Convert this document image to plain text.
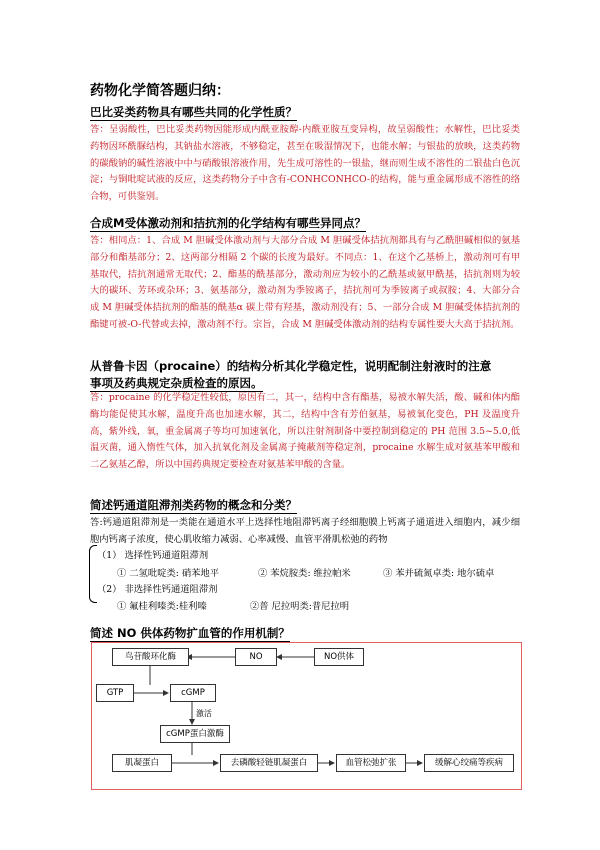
药物化学简答题归纳：
巴比妥类药物具有哪些共同的化学性质？
答：呈弱酸性，巴比妥类药物因能形成内酰亚胺醇-内酰亚胺互变异构，故呈弱酸性；水解性，巴比妥类药物因环酰脲结构，其钠盐水溶液，不够稳定，甚至在吸湿情况下，也能水解；与银盐的放映，这类药物的碳酸钠的碱性溶液中中与硝酸银溶液作用，先生成可溶性的一银盐，继而则生成不溶性的二银盐白色沉淀；与铜吡啶试液的反应，这类药物分子中含有-CONHCONHCO-的结构，能与重金属形成不溶性的络合物，可供鉴别。
合成M受体激动剂和拮抗剂的化学结构有哪些异同点？
答：相同点：1、合成 M 胆碱受体激动剂与大部分合成 M 胆碱受体拮抗剂都具有与乙酰胆碱相似的氨基部分和酯基部分；2、这两部分相隔 2 个碳的长度为最好。不同点：1、在这个乙基桥上，激动剂可有甲基取代，拮抗剂通常无取代；2、酯基的酰基部分，激动剂应为较小的乙酰基或氨甲酰基，拮抗剂则为较大的碳环、芳环或杂环；3、氨基部分，激动剂为季铵离子，拮抗剂可为季铵离子或叔胺；4、大部分合成 M 胆碱受体拮抗剂的酯基的酰基α 碳上带有羟基，激动剂没有；5、一部分合成 M 胆碱受体拮抗剂的酯键可被-O-代替或去掉，激动剂不行。宗旨，合成 M 胆碱受体激动剂的结构专属性要大大高于拮抗剂。
从普鲁卡因（procaine）的结构分析其化学稳定性，说明配制注射液时的注意
事项及药典规定杂质检查的原因。
答：procaine 的化学稳定性较低，原因有二，其一，结构中含有酯基，易被水解失活，酸、碱和体内酯酶均能促使其水解，温度升高也加速水解，其二，结构中含有芳伯氨基，易被氧化变色，PH 及温度升高，紫外线，氧，重金属离子等均可加速氧化，所以注射剂制备中要控制到稳定的 PH 范围 3.5~5.0,低温灭菌，通入惰性气体，加入抗氧化剂及金属离子掩蔽剂等稳定剂，procaine 水解生成对氨基苯甲酸和二乙氨基乙醇，所以中国药典规定要检查对氨基苯甲酸的含量。
简述钙通道阻滞剂类药物的概念和分类？
答:钙通道阻滞剂是一类能在通道水平上选择性地阻滞钙离子经细胞膜上钙离子通道进入细胞内，减少细胞内钙离子浓度，使心肌收缩力减弱、心率减慢、血管平滑肌松弛的药物
（1） 选择性钙通道阻滞剂
① 二氢吡啶类: 硝苯地平	② 苯烷胺类: 维拉帕米	③ 苯并硫氮卓类: 地尔硫卓
（2） 非选择性钙通道阻滞剂
① 氟桂利嗪类:桂利嗪	②普 尼拉明类:普尼拉明
简述 NO 供体药物扩血管的作用机制？
鸟苷酸环化酶	NO	NO供体
GTP	cGMP
激活
cGMP蛋白激酶
肌凝蛋白	去磷酸轻链肌凝蛋白	血管松弛扩张	缓解心绞痛等疾病
